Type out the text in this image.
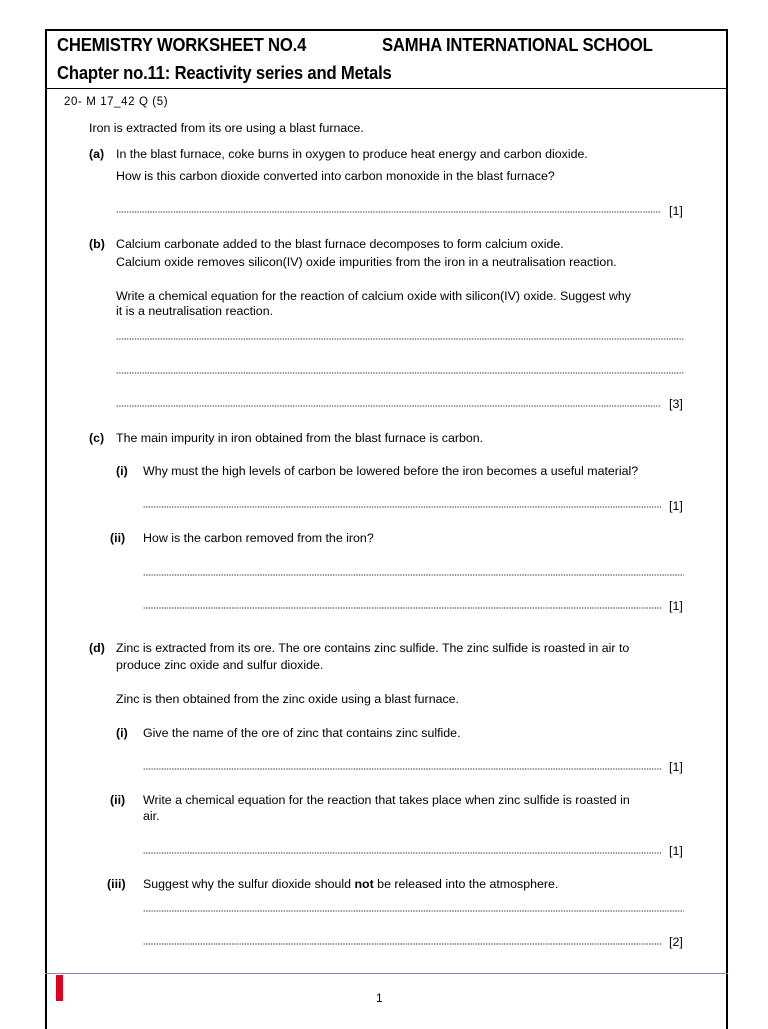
CHEMISTRY WORKSHEET NO.4	SAMHA INTERNATIONAL SCHOOL
Chapter no.11: Reactivity series and Metals
20- M 17_42 Q (5)
Iron is extracted from its ore using a blast furnace.
(a) In the blast furnace, coke burns in oxygen to produce heat energy and carbon dioxide.
How is this carbon dioxide converted into carbon monoxide in the blast furnace?
[1]
(b) Calcium carbonate added to the blast furnace decomposes to form calcium oxide.
Calcium oxide removes silicon(IV) oxide impurities from the iron in a neutralisation reaction.
Write a chemical equation for the reaction of calcium oxide with silicon(IV) oxide. Suggest why
it is a neutralisation reaction.
[3]
(c) The main impurity in iron obtained from the blast furnace is carbon.
(i) Why must the high levels of carbon be lowered before the iron becomes a useful material?
[1]
(ii) How is the carbon removed from the iron?
[1]
(d) Zinc is extracted from its ore. The ore contains zinc sulfide. The zinc sulfide is roasted in air to
produce zinc oxide and sulfur dioxide.
Zinc is then obtained from the zinc oxide using a blast furnace.
(i) Give the name of the ore of zinc that contains zinc sulfide.
[1]
(ii) Write a chemical equation for the reaction that takes place when zinc sulfide is roasted in
air.
[1]
(iii) Suggest why the sulfur dioxide should not be released into the atmosphere.
[2]
1
